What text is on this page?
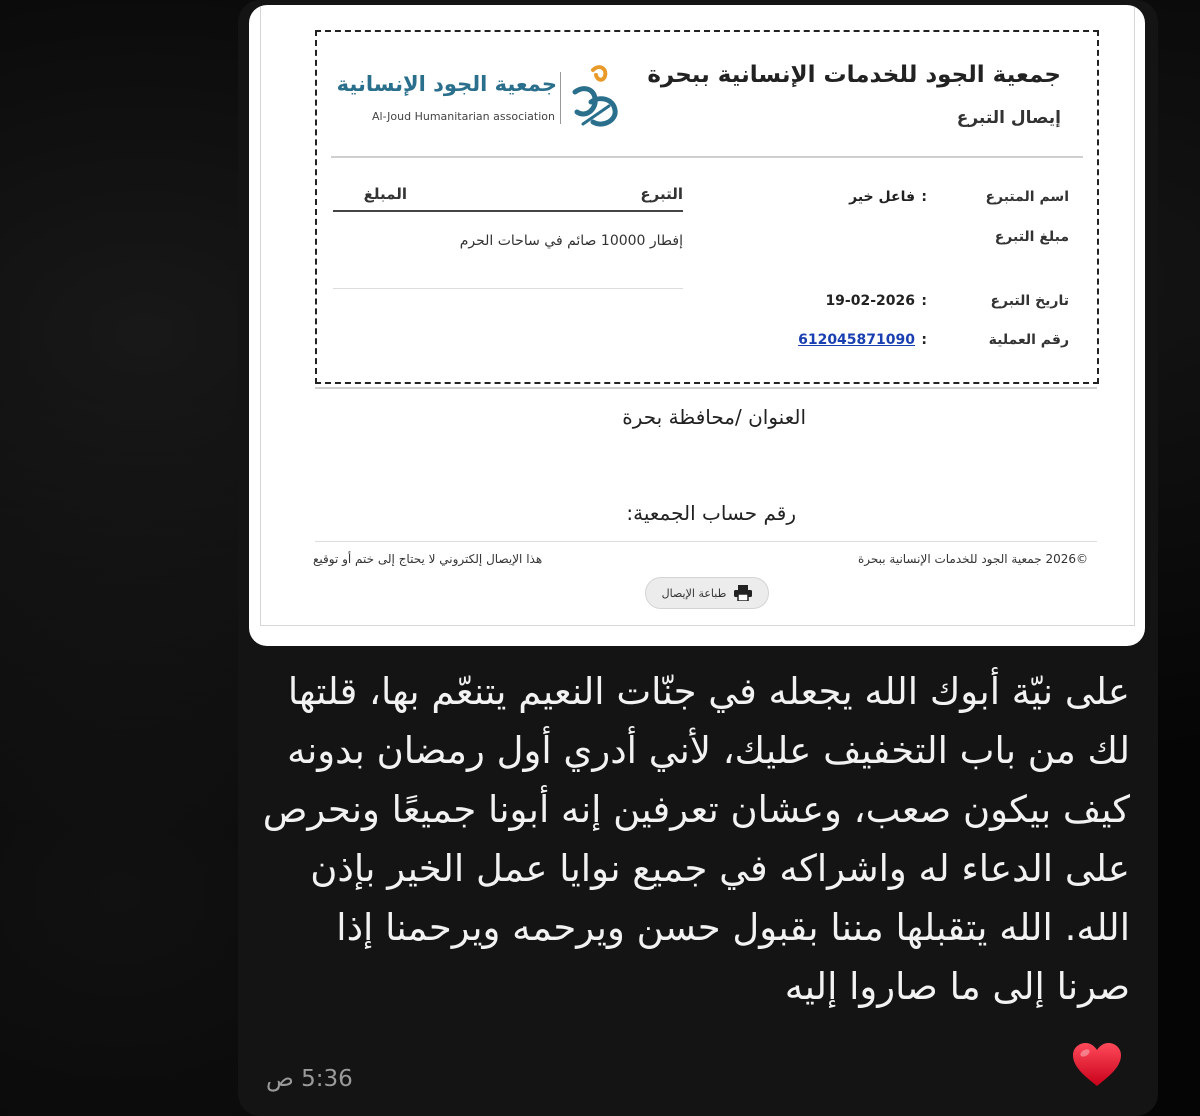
جمعية الجود للخدمات الإنسانية ببحرة
إيصال التبرع
جمعية الجود الإنسانية
Al-Joud Humanitarian association
اسم المتبرع
:
فاعل خير
مبلغ التبرع
تاريخ التبرع
:
19-02-2026
رقم العملية
:
612045871090
التبرع
المبلغ
إفطار 10000 صائم في ساحات الحرم
العنوان /محافظة بحرة
رقم حساب الجمعية:
©2026 جمعية الجود للخدمات الإنسانية ببحرة
هذا الإيصال إلكتروني لا يحتاج إلى ختم أو توقيع
طباعة الإيصال
على نيّة أبوك الله يجعله في جنّات النعيم يتنعّم بها، قلتها لك من باب التخفيف عليك، لأني أدري أول رمضان بدونه كيف بيكون صعب، وعشان تعرفين إنه أبونا جميعًا ونحرص على الدعاء له واشراكه في جميع نوايا عمل الخير بإذن الله. الله يتقبلها مننا بقبول حسن ويرحمه ويرحمنا إذا صرنا إلى ما صاروا إليه
5:36 ص
